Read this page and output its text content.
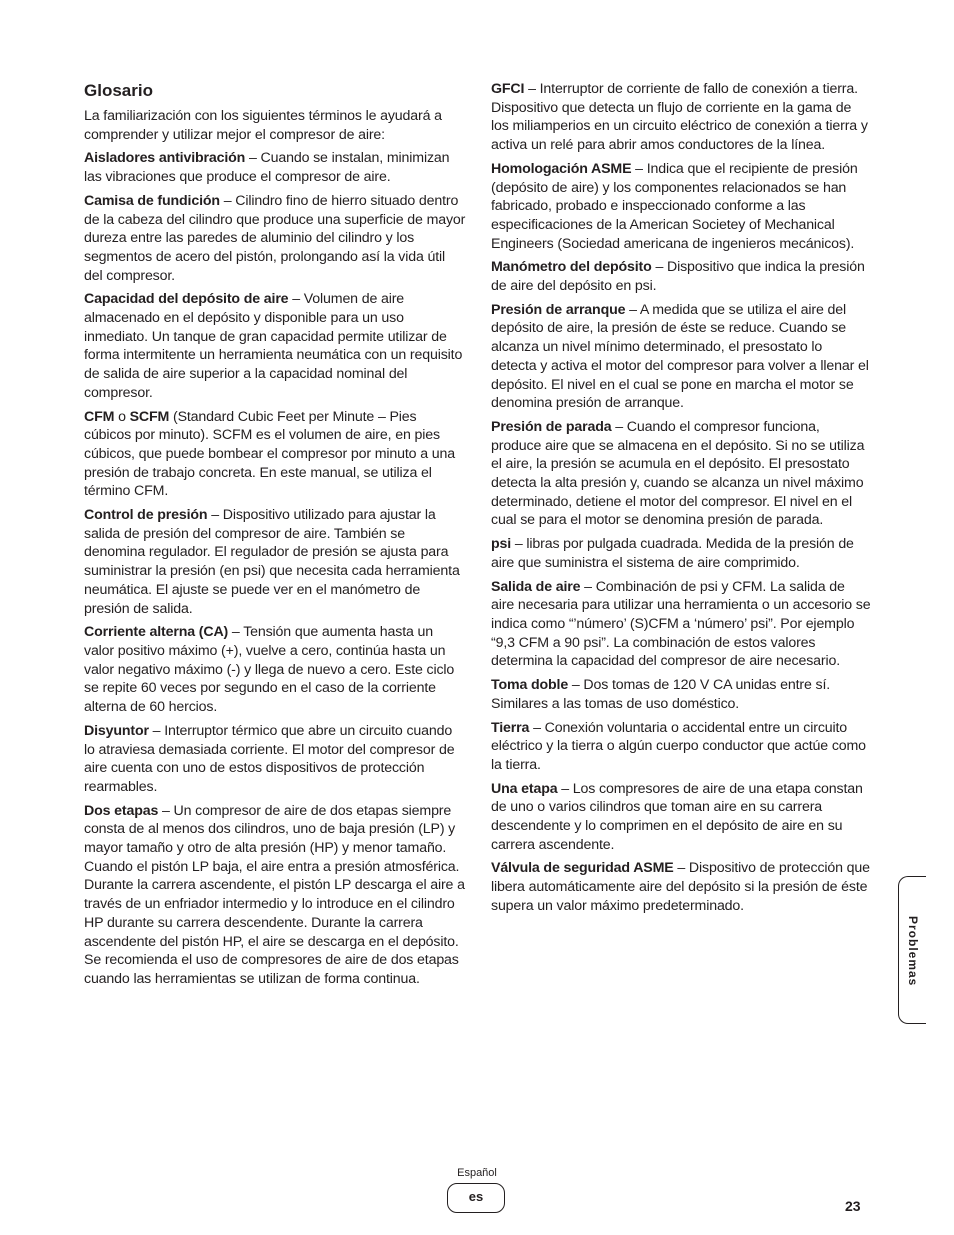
Glosario

La familiarización con los siguientes términos le ayudará a comprender y utilizar mejor el compresor de aire:

Aisladores antivibración – Cuando se instalan, minimizan las vibraciones que produce el compresor de aire.

Camisa de fundición – Cilindro fino de hierro situado dentro de la cabeza del cilindro que produce una superficie de mayor dureza entre las paredes de aluminio del cilindro y los segmentos de acero del pistón, prolongando así la vida útil del compresor.

Capacidad del depósito de aire – Volumen de aire almacenado en el depósito y disponible para un uso inmediato. Un tanque de gran capacidad permite utilizar de forma intermitente un herramienta neumática con un requisito de salida de aire superior a la capacidad nominal del compresor.

CFM o SCFM (Standard Cubic Feet per Minute – Pies cúbicos por minuto). SCFM es el volumen de aire, en pies cúbicos, que puede bombear el compresor por minuto a una presión de trabajo concreta. En este manual, se utiliza el término CFM.

Control de presión – Dispositivo utilizado para ajustar la salida de presión del compresor de aire. También se denomina regulador. El regulador de presión se ajusta para suministrar la presión (en psi) que necesita cada herramienta neumática. El ajuste se puede ver en el manómetro de presión de salida.

Corriente alterna (CA) – Tensión que aumenta hasta un valor positivo máximo (+), vuelve a cero, continúa hasta un valor negativo máximo (-) y llega de nuevo a cero. Este ciclo se repite 60 veces por segundo en el caso de la corriente alterna de 60 hercios.

Disyuntor – Interruptor térmico que abre un circuito cuando lo atraviesa demasiada corriente. El motor del compresor de aire cuenta con uno de estos dispositivos de protección rearmables.

Dos etapas – Un compresor de aire de dos etapas siempre consta de al menos dos cilindros, uno de baja presión (LP) y mayor tamaño y otro de alta presión (HP) y menor tamaño. Cuando el pistón LP baja, el aire entra a presión atmosférica. Durante la carrera ascendente, el pistón LP descarga el aire a través de un enfriador intermedio y lo introduce en el cilindro HP durante su carrera descendente. Durante la carrera ascendente del pistón HP, el aire se descarga en el depósito. Se recomienda el uso de compresores de aire de dos etapas cuando las herramientas se utilizan de forma continua.

GFCI – Interruptor de corriente de fallo de conexión a tierra. Dispositivo que detecta un flujo de corriente en la gama de los miliamperios en un circuito eléctrico de conexión a tierra y activa un relé para abrir amos conductores de la línea.

Homologación ASME – Indica que el recipiente de presión (depósito de aire) y los componentes relacionados se han fabricado, probado e inspeccionado conforme a las especificaciones de la American Societey of Mechanical Engineers (Sociedad americana de ingenieros mecánicos).

Manómetro del depósito – Dispositivo que indica la presión de aire del depósito en psi.

Presión de arranque – A medida que se utiliza el aire del depósito de aire, la presión de éste se reduce. Cuando se alcanza un nivel mínimo determinado, el presostato lo detecta y activa el motor del compresor para volver a llenar el depósito. El nivel en el cual se pone en marcha el motor se denomina presión de arranque.

Presión de parada – Cuando el compresor funciona, produce aire que se almacena en el depósito. Si no se utiliza el aire, la presión se acumula en el depósito. El presostato detecta la alta presión y, cuando se alcanza un nivel máximo determinado, detiene el motor del compresor. El nivel en el cual se para el motor se denomina presión de parada.

psi – libras por pulgada cuadrada. Medida de la presión de aire que suministra el sistema de aire comprimido.

Salida de aire – Combinación de psi y CFM. La salida de aire necesaria para utilizar una herramienta o un accesorio se indica como “’número’ (S)CFM a ‘número’ psi”. Por ejemplo “9,3 CFM a 90 psi”. La combinación de estos valores determina la capacidad del compresor de aire necesario.

Toma doble – Dos tomas de 120 V CA unidas entre sí. Similares a las tomas de uso doméstico.

Tierra – Conexión voluntaria o accidental entre un circuito eléctrico y la tierra o algún cuerpo conductor que actúe como la tierra.

Una etapa – Los compresores de aire de una etapa constan de uno o varios cilindros que toman aire en su carrera descendente y lo comprimen en el depósito de aire en su carrera ascendente.

Válvula de seguridad ASME – Dispositivo de protección que libera automáticamente aire del depósito si la presión de éste supera un valor máximo predeterminado.

Problemas
Español
es
23
